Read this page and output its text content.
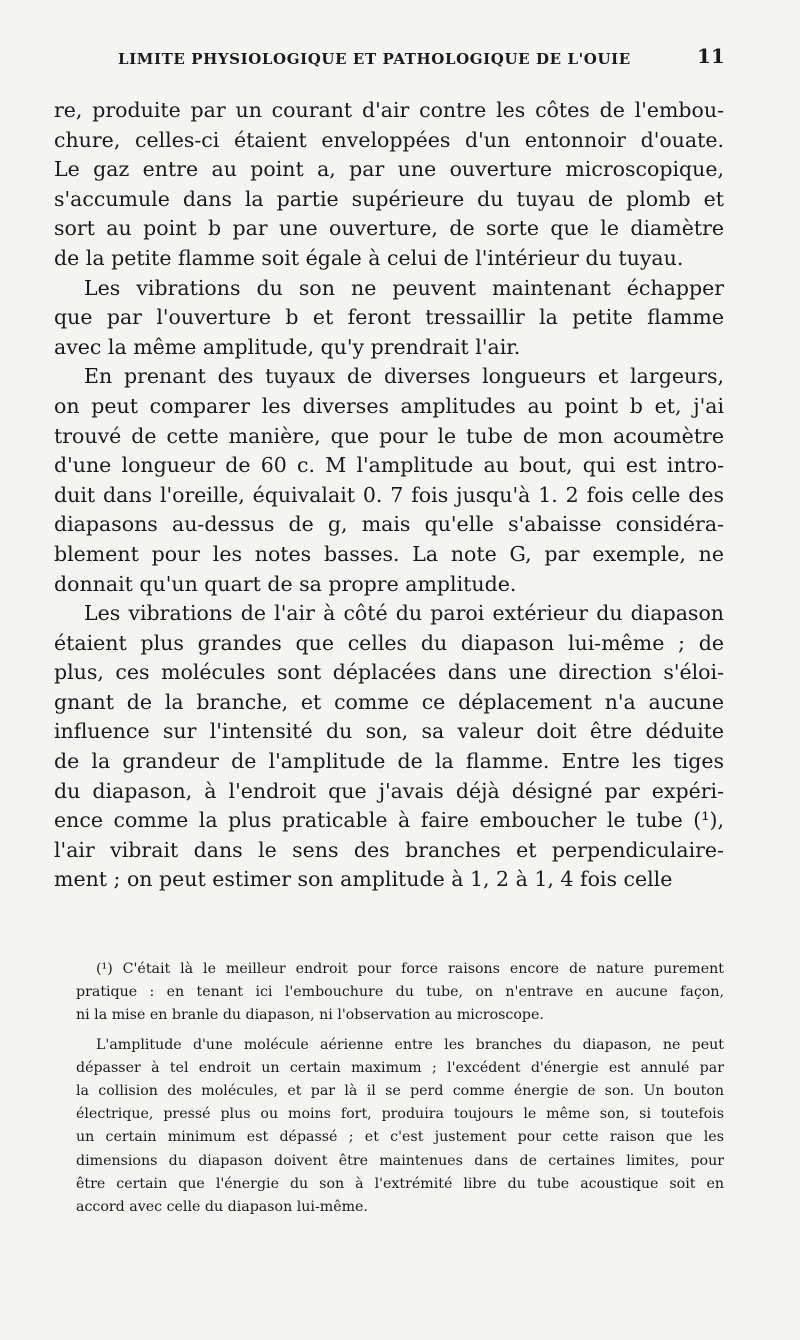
LIMITE PHYSIOLOGIQUE ET PATHOLOGIQUE DE L'OUIE	11
re, produite par un courant d'air contre les côtes de l'embou-
chure, celles-ci étaient enveloppées d'un entonnoir d'ouate.
Le gaz entre au point a, par une ouverture microscopique,
s'accumule dans la partie supérieure du tuyau de plomb et
sort au point b par une ouverture, de sorte que le diamètre
de la petite flamme soit égale à celui de l'intérieur du tuyau.
Les vibrations du son ne peuvent maintenant échapper
que par l'ouverture b et feront tressaillir la petite flamme
avec la même amplitude, qu'y prendrait l'air.
En prenant des tuyaux de diverses longueurs et largeurs,
on peut comparer les diverses amplitudes au point b et, j'ai
trouvé de cette manière, que pour le tube de mon acoumètre
d'une longueur de 60 c. M l'amplitude au bout, qui est intro-
duit dans l'oreille, équivalait 0. 7 fois jusqu'à 1. 2 fois celle des
diapasons au-dessus de g, mais qu'elle s'abaisse considéra-
blement pour les notes basses. La note G, par exemple, ne
donnait qu'un quart de sa propre amplitude.
Les vibrations de l'air à côté du paroi extérieur du diapason
étaient plus grandes que celles du diapason lui-même ; de
plus, ces molécules sont déplacées dans une direction s'éloi-
gnant de la branche, et comme ce déplacement n'a aucune
influence sur l'intensité du son, sa valeur doit être déduite
de la grandeur de l'amplitude de la flamme. Entre les tiges
du diapason, à l'endroit que j'avais déjà désigné par expéri-
ence comme la plus praticable à faire emboucher le tube (¹),
l'air vibrait dans le sens des branches et perpendiculaire-
ment ; on peut estimer son amplitude à 1, 2 à 1, 4 fois celle
(¹) C'était là le meilleur endroit pour force raisons encore de nature purement
pratique : en tenant ici l'embouchure du tube, on n'entrave en aucune façon,
ni la mise en branle du diapason, ni l'observation au microscope.
L'amplitude d'une molécule aérienne entre les branches du diapason, ne peut
dépasser à tel endroit un certain maximum ; l'excédent d'énergie est annulé par
la collision des molécules, et par là il se perd comme énergie de son. Un bouton
électrique, pressé plus ou moins fort, produira toujours le même son, si toutefois
un certain minimum est dépassé ; et c'est justement pour cette raison que les
dimensions du diapason doivent être maintenues dans de certaines limites, pour
être certain que l'énergie du son à l'extrémité libre du tube acoustique soit en
accord avec celle du diapason lui-même.
